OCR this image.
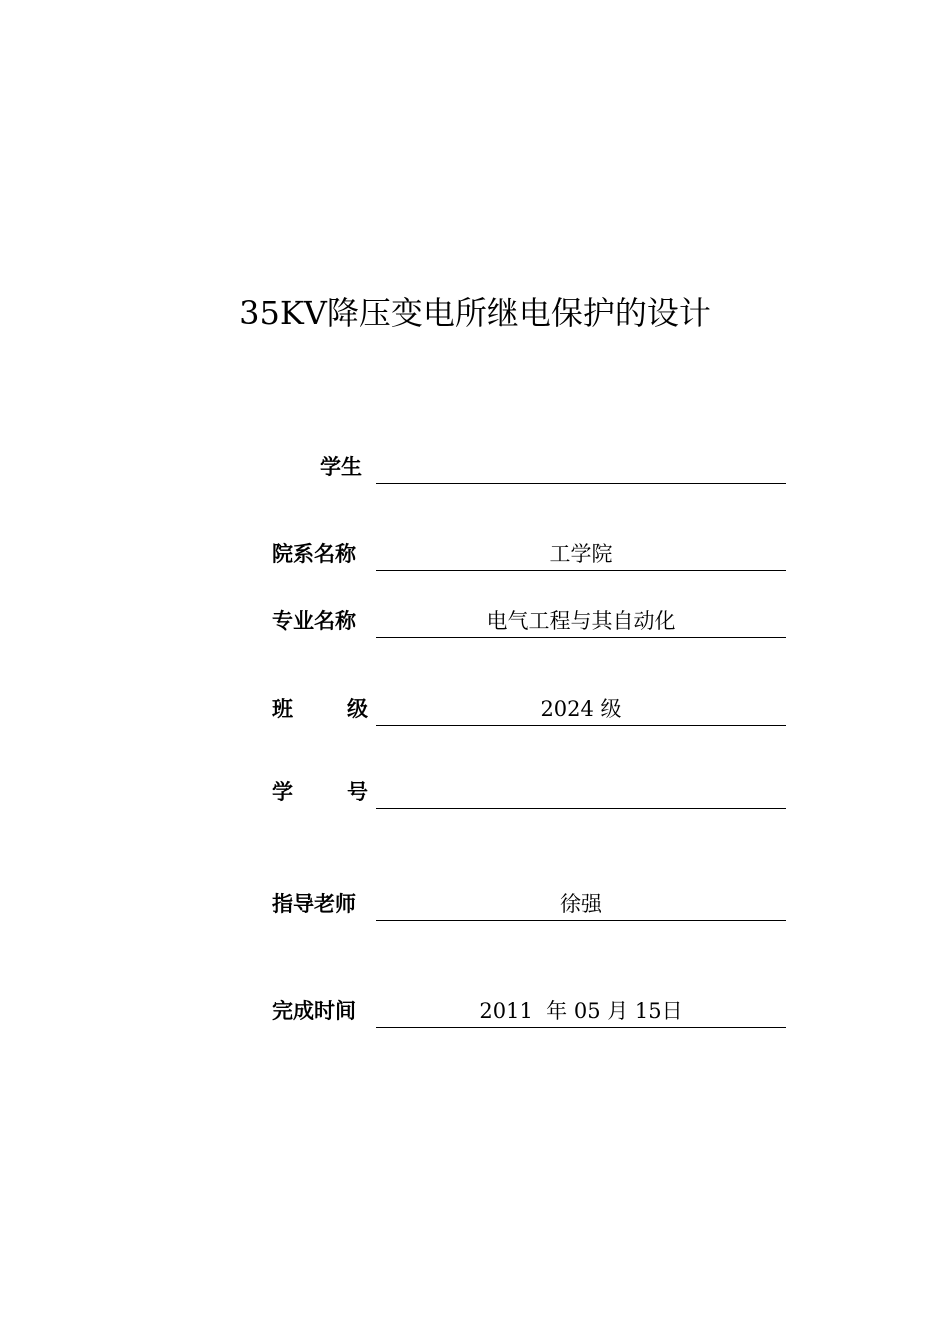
35KV降压变电所继电保护的设计
学生
院系名称	工学院
专业名称	电气工程与其自动化
班	级	2024 级
学	号
指导老师	徐强
完成时间	2011  年 05 月 15日
